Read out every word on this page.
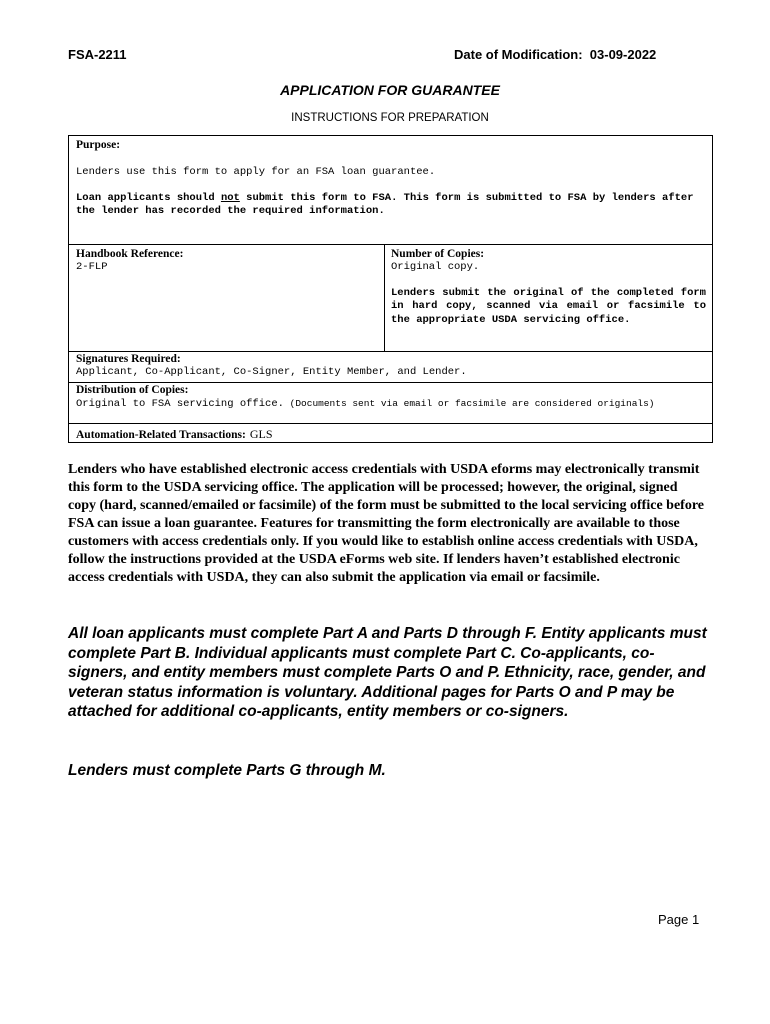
FSA-2211	Date of Modification: 03-09-2022
APPLICATION FOR GUARANTEE
INSTRUCTIONS FOR PREPARATION
Purpose:
Lenders use this form to apply for an FSA loan guarantee.
Loan applicants should not submit this form to FSA. This form is submitted to FSA by lenders after the lender has recorded the required information.
Handbook Reference:
2-FLP
Number of Copies:
Original copy.
Lenders submit the original of the completed form in hard copy, scanned via email or facsimile to the appropriate USDA servicing office.
Signatures Required:
Applicant, Co-Applicant, Co-Signer, Entity Member, and Lender.
Distribution of Copies:
Original to FSA servicing office. (Documents sent via email or facsimile are considered originals)
Automation-Related Transactions: GLS
Lenders who have established electronic access credentials with USDA eforms may electronically transmit this form to the USDA servicing office. The application will be processed; however, the original, signed copy (hard, scanned/emailed or facsimile) of the form must be submitted to the local servicing office before FSA can issue a loan guarantee. Features for transmitting the form electronically are available to those customers with access credentials only. If you would like to establish online access credentials with USDA, follow the instructions provided at the USDA eForms web site. If lenders haven’t established electronic access credentials with USDA, they can also submit the application via email or facsimile.
All loan applicants must complete Part A and Parts D through F. Entity applicants must complete Part B. Individual applicants must complete Part C. Co-applicants, co-signers, and entity members must complete Parts O and P. Ethnicity, race, gender, and veteran status information is voluntary. Additional pages for Parts O and P may be attached for additional co-applicants, entity members or co-signers.
Lenders must complete Parts G through M.
Page 1
